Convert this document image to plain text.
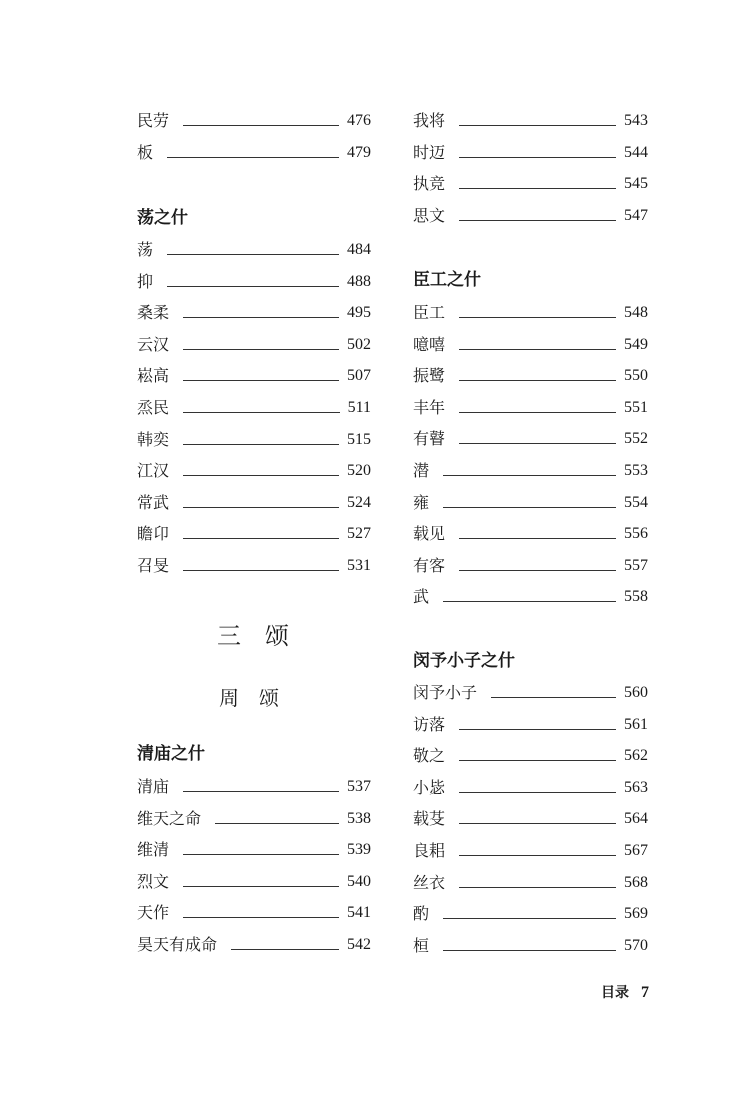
民劳	476
板	479
荡之什
荡	484
抑	488
桑柔	495
云汉	502
崧高	507
烝民	511
韩奕	515
江汉	520
常武	524
瞻卬	527
召旻	531
三　颂
周　颂
清庙之什
清庙	537
维天之命	538
维清	539
烈文	540
天作	541
昊天有成命	542
我将	543
时迈	544
执竞	545
思文	547
臣工之什
臣工	548
噫嘻	549
振鹭	550
丰年	551
有瞽	552
潜	553
雍	554
载见	556
有客	557
武	558
闵予小子之什
闵予小子	560
访落	561
敬之	562
小毖	563
载芟	564
良耜	567
丝衣	568
酌	569
桓	570
目录 7
